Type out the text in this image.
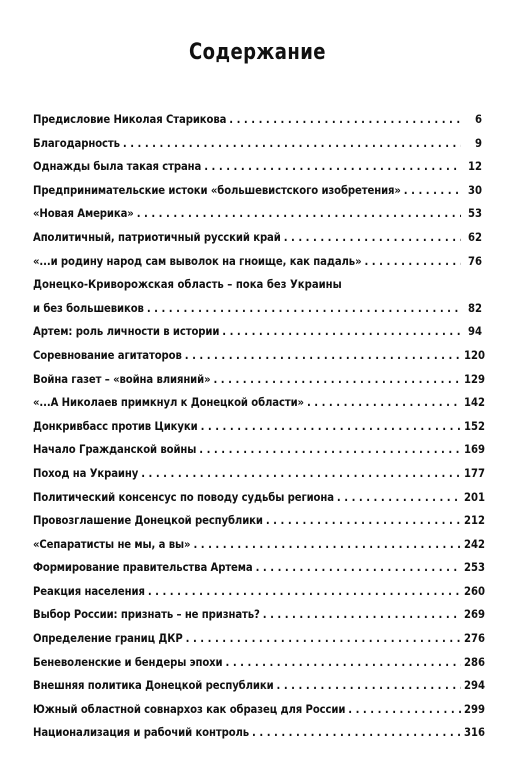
Содержание
Предисловие Николая Старикова . . .	6
Благодарность . . .	9
Однажды была такая страна . . .	12
Предпринимательские истоки «большевистского изобретения» . . .	30
«Новая Америка» . . .	53
Аполитичный, патриотичный русский край . . .	62
«...и родину народ сам выволок на гноище, как падаль» . . .	76
Донецко-Криворожская область – пока без Украины
и без большевиков . . .	82
Артем: роль личности в истории . . .	94
Соревнование агитаторов . . .	120
Война газет – «война влияний» . . .	129
«...А Николаев примкнул к Донецкой области» . . .	142
Донкривбасс против Цикуки . . .	152
Начало Гражданской войны . . .	169
Поход на Украину . . .	177
Политический консенсус по поводу судьбы региона . . .	201
Провозглашение Донецкой республики . . .	212
«Сепаратисты не мы, а вы» . . .	242
Формирование правительства Артема . . .	253
Реакция населения . . .	260
Выбор России: признать – не признать? . . .	269
Определение границ ДКР . . .	276
Беневоленские и бендеры эпохи . . .	286
Внешняя политика Донецкой республики . . .	294
Южный областной совнархоз как образец для России . . .	299
Национализация и рабочий контроль . . .	316
